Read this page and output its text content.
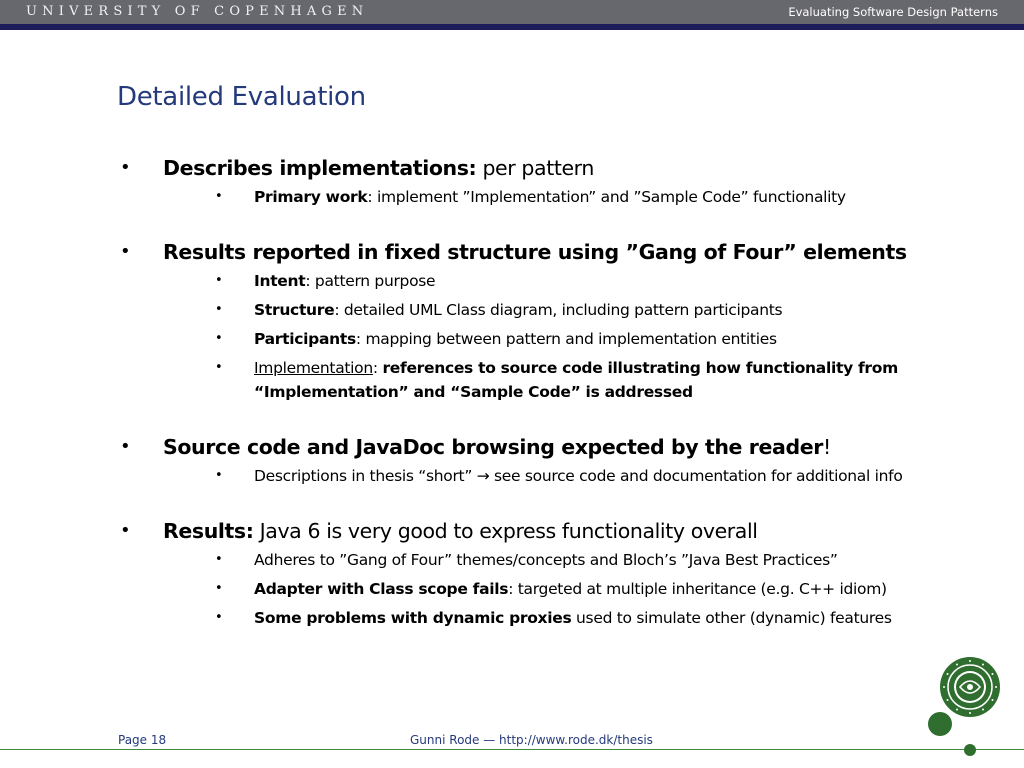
UNIVERSITY OF COPENHAGEN	Evaluating Software Design Patterns
Detailed Evaluation
• Describes implementations: per pattern
• Primary work: implement ”Implementation” and ”Sample Code” functionality
• Results reported in fixed structure using ”Gang of Four” elements
• Intent: pattern purpose
• Structure: detailed UML Class diagram, including pattern participants
• Participants: mapping between pattern and implementation entities
• Implementation: references to source code illustrating how functionality from “Implementation” and “Sample Code” is addressed
• Source code and JavaDoc browsing expected by the reader!
• Descriptions in thesis “short” → see source code and documentation for additional info
• Results: Java 6 is very good to express functionality overall
• Adheres to ”Gang of Four” themes/concepts and Bloch’s ”Java Best Practices”
• Adapter with Class scope fails: targeted at multiple inheritance (e.g. C++ idiom)
• Some problems with dynamic proxies used to simulate other (dynamic) features
Page 18	Gunni Rode — http://www.rode.dk/thesis
